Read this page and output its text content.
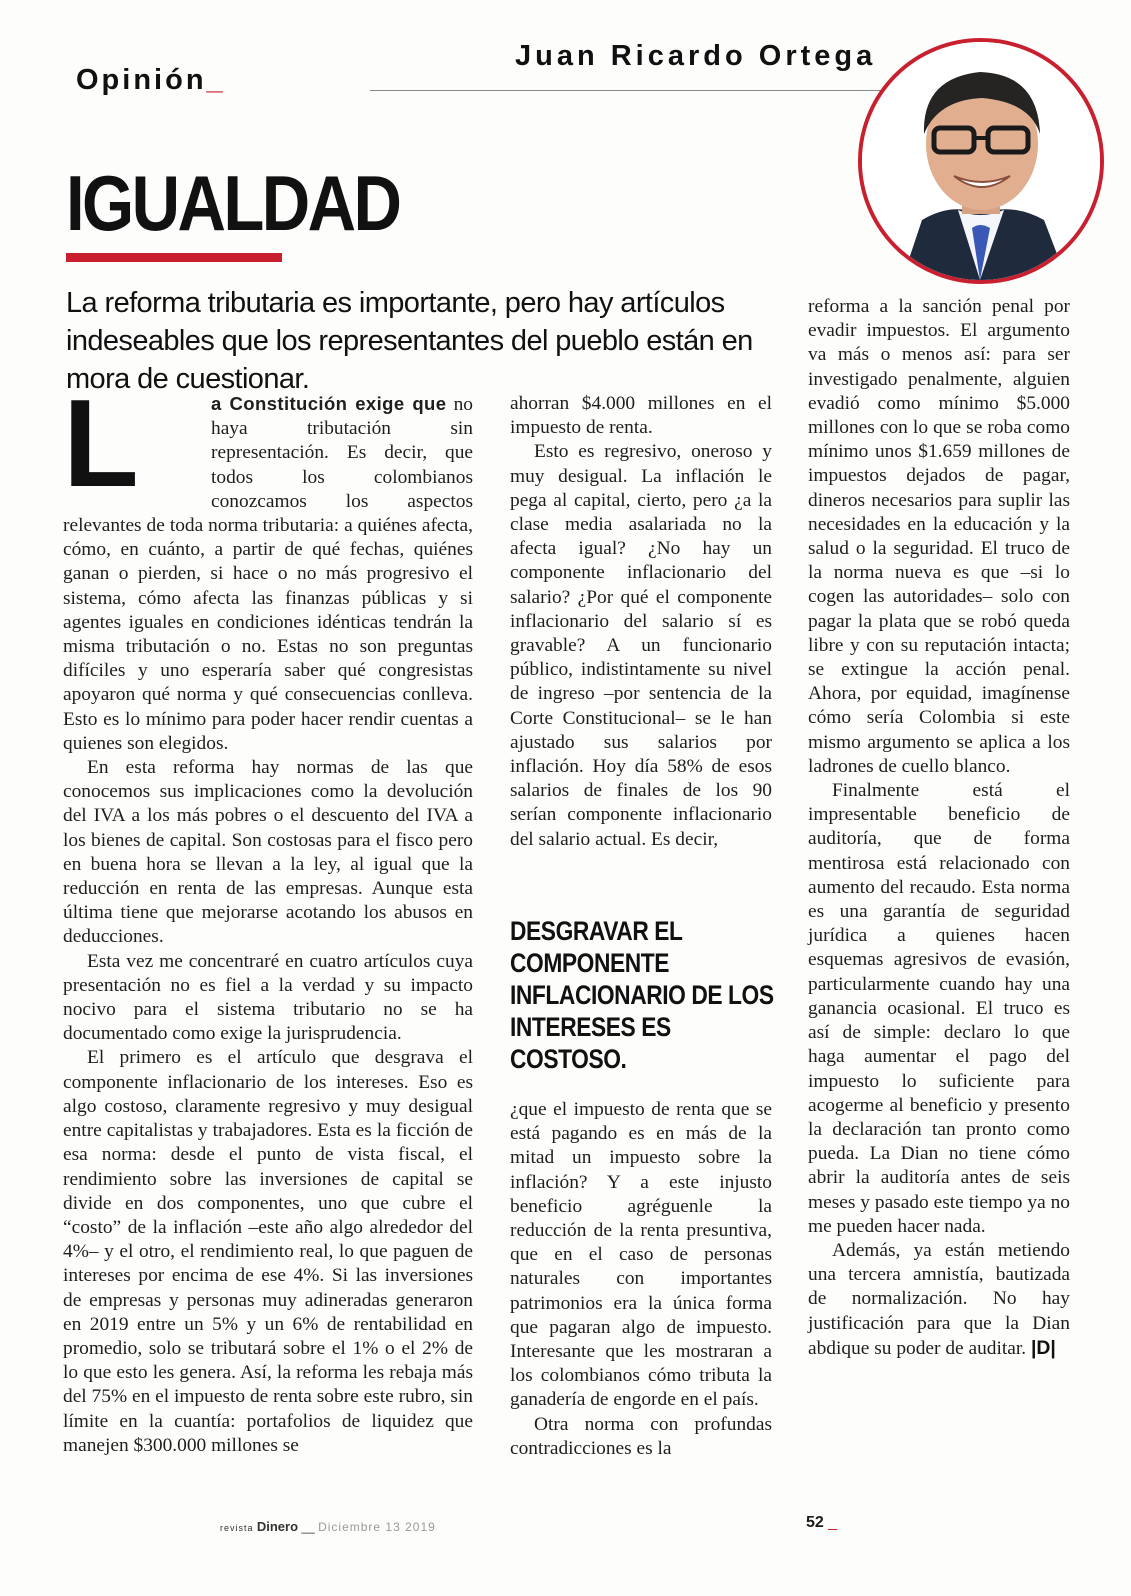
Opinión_
Juan Ricardo Ortega
IGUALDAD

La reforma tributaria es importante, pero hay artículos indeseables que los representantes del pueblo están en mora de cuestionar.

L	a Constitución exige que no haya tributación sin representación. Es decir, que todos los colombianos conozcamos los aspectos relevantes de toda norma tributaria: a quiénes afecta, cómo, en cuánto, a partir de qué fechas, quiénes ganan o pierden, si hace o no más progresivo el sistema, cómo afecta las finanzas públicas y si agentes iguales en condiciones idénticas tendrán la misma tributación o no. Estas no son preguntas difíciles y uno esperaría saber qué congresistas apoyaron qué norma y qué consecuencias conlleva. Esto es lo mínimo para poder hacer rendir cuentas a quienes son elegidos.

En esta reforma hay normas de las que conocemos sus implicaciones como la devolución del IVA a los más pobres o el descuento del IVA a los bienes de capital. Son costosas para el fisco pero en buena hora se llevan a la ley, al igual que la reducción en renta de las empresas. Aunque esta última tiene que mejorarse acotando los abusos en deducciones.

Esta vez me concentraré en cuatro artículos cuya presentación no es fiel a la verdad y su impacto nocivo para el sistema tributario no se ha documentado como exige la jurisprudencia.

El primero es el artículo que desgrava el componente inflacionario de los intereses. Eso es algo costoso, claramente regresivo y muy desigual entre capitalistas y trabajadores. Esta es la ficción de esa norma: desde el punto de vista fiscal, el rendimiento sobre las inversiones de capital se divide en dos componentes, uno que cubre el “costo” de la inflación –este año algo alrededor del 4%– y el otro, el rendimiento real, lo que paguen de intereses por encima de ese 4%. Si las inversiones de empresas y personas muy adineradas generaron en 2019 entre un 5% y un 6% de rentabilidad en promedio, solo se tributará sobre el 1% o el 2% de lo que esto les genera. Así, la reforma les rebaja más del 75% en el impuesto de renta sobre este rubro, sin límite en la cuantía: portafolios de liquidez que manejen $300.000 millones se

ahorran $4.000 millones en el impuesto de renta.

Esto es regresivo, oneroso y muy desigual. La inflación le pega al capital, cierto, pero ¿a la clase media asalariada no la afecta igual? ¿No hay un componente inflacionario del salario? ¿Por qué el componente inflacionario del salario sí es gravable? A un funcionario público, indistintamente su nivel de ingreso –por sentencia de la Corte Constitucional– se le han ajustado sus salarios por inflación. Hoy día 58% de esos salarios de finales de los 90 serían componente inflacionario del salario actual. Es decir,

DESGRAVAR EL COMPONENTE INFLACIONARIO DE LOS INTERESES ES COSTOSO.

¿que el impuesto de renta que se está pagando es en más de la mitad un impuesto sobre la inflación? Y a este injusto beneficio agréguenle la reducción de la renta presuntiva, que en el caso de personas naturales con importantes patrimonios era la única forma que pagaran algo de impuesto. Interesante que les mostraran a los colombianos cómo tributa la ganadería de engorde en el país.

Otra norma con profundas contradicciones es la

reforma a la sanción penal por evadir impuestos. El argumento va más o menos así: para ser investigado penalmente, alguien evadió como mínimo $5.000 millones con lo que se roba como mínimo unos $1.659 millones de impuestos dejados de pagar, dineros necesarios para suplir las necesidades en la educación y la salud o la seguridad. El truco de la norma nueva es que –si lo cogen las autoridades– solo con pagar la plata que se robó queda libre y con su reputación intacta; se extingue la acción penal. Ahora, por equidad, imagínense cómo sería Colombia si este mismo argumento se aplica a los ladrones de cuello blanco.

Finalmente está el impresentable beneficio de auditoría, que de forma mentirosa está relacionado con aumento del recaudo. Esta norma es una garantía de seguridad jurídica a quienes hacen esquemas agresivos de evasión, particularmente cuando hay una ganancia ocasional. El truco es así de simple: declaro lo que haga aumentar el pago del impuesto lo suficiente para acogerme al beneficio y presento la declaración tan pronto como pueda. La Dian no tiene cómo abrir la auditoría antes de seis meses y pasado este tiempo ya no me pueden hacer nada.

Además, ya están metiendo una tercera amnistía, bautizada de normalización. No hay justificación para que la Dian abdique su poder de auditar. |D|

revista Dinero __ Diciembre 13 2019	52 _
